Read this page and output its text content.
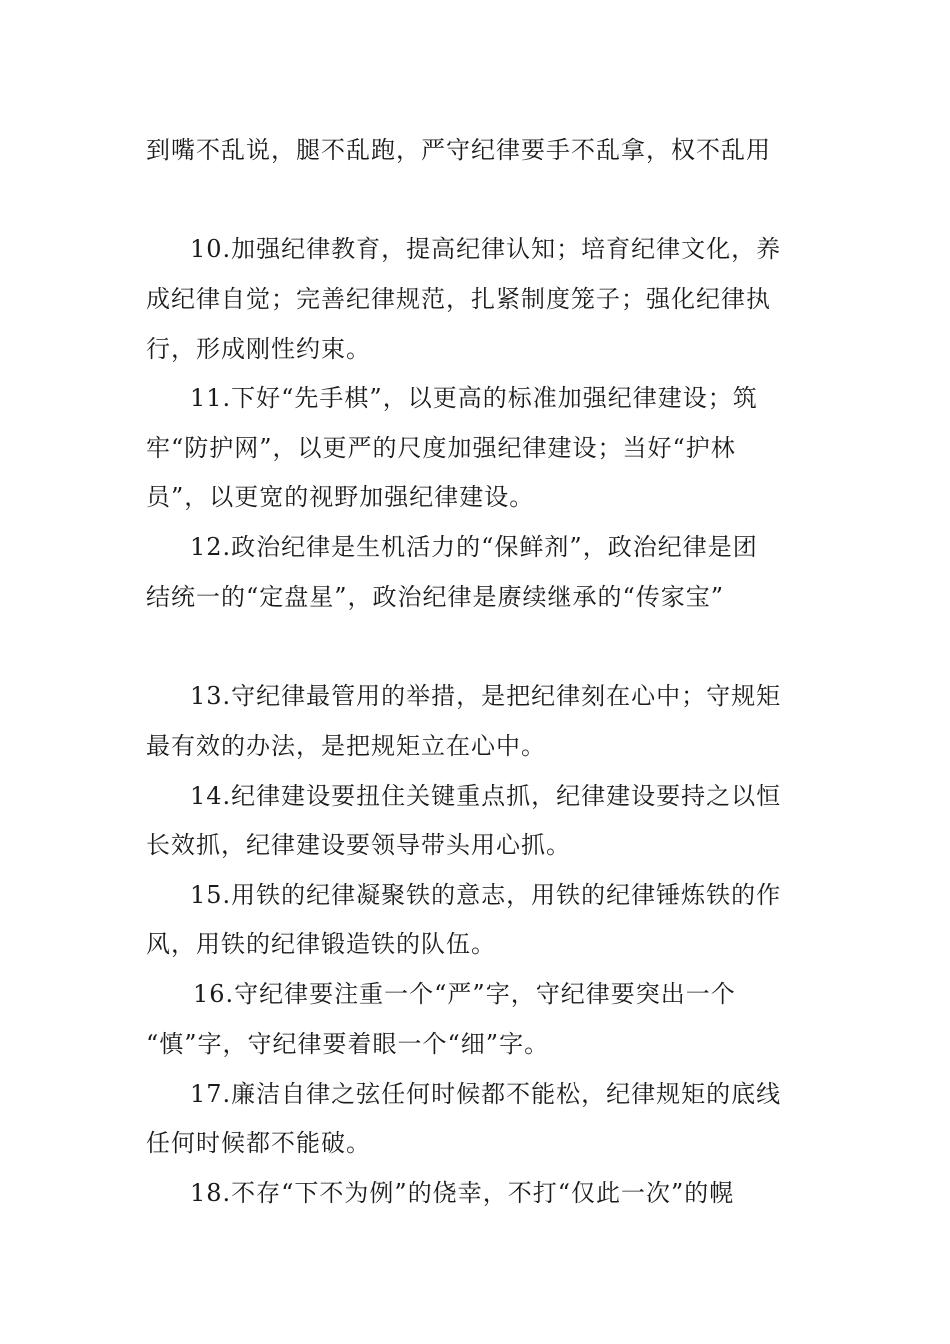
到嘴不乱说，腿不乱跑，严守纪律要手不乱拿，权不乱用
10.加强纪律教育，提高纪律认知；培育纪律文化，养
成纪律自觉；完善纪律规范，扎紧制度笼子；强化纪律执
行，形成刚性约束。
11.下好“先手棋”，以更高的标准加强纪律建设；筑
牢“防护网”，以更严的尺度加强纪律建设；当好“护林
员”，以更宽的视野加强纪律建设。
12.政治纪律是生机活力的“保鲜剂”，政治纪律是团
结统一的“定盘星”，政治纪律是赓续继承的“传家宝”
13.守纪律最管用的举措，是把纪律刻在心中；守规矩
最有效的办法，是把规矩立在心中。
14.纪律建设要扭住关键重点抓，纪律建设要持之以恒
长效抓，纪律建设要领导带头用心抓。
15.用铁的纪律凝聚铁的意志，用铁的纪律锤炼铁的作
风，用铁的纪律锻造铁的队伍。
16.守纪律要注重一个“严”字，守纪律要突出一个
“慎”字，守纪律要着眼一个“细”字。
17.廉洁自律之弦任何时候都不能松，纪律规矩的底线
任何时候都不能破。
18.不存“下不为例”的侥幸，不打“仅此一次”的幌
